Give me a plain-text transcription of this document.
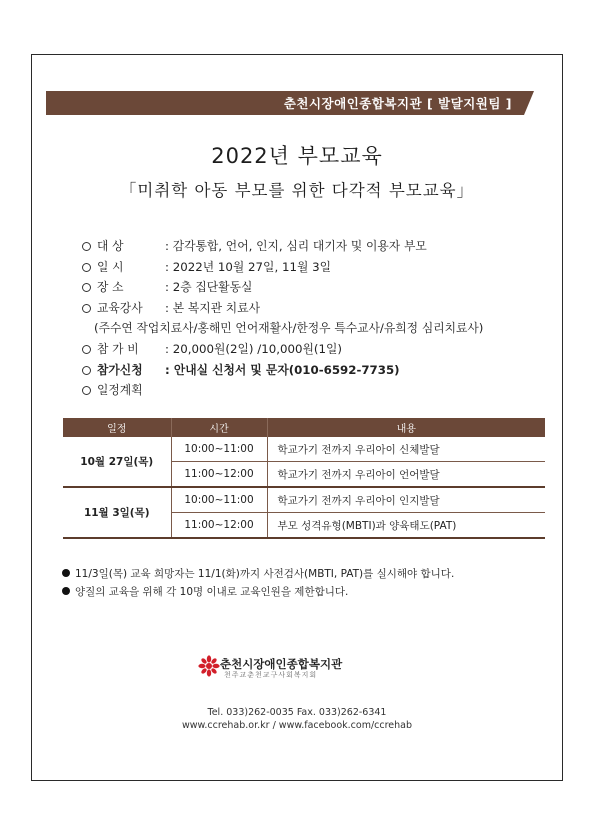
춘천시장애인종합복지관 [ 발달지원팀 ]
2022년 부모교육
「미취학 아동 부모를 위한 다각적 부모교육」
대 상	: 감각통합, 언어, 인지, 심리 대기자 및 이용자 부모
일 시	: 2022년 10월 27일, 11월 3일
장 소	: 2층 집단활동실
교육강사 : 본 복지관 치료사
(주수연 작업치료사/홍해민 언어재활사/한정우 특수교사/유희정 심리치료사)
참 가 비 : 20,000원(2일) /10,000원(1일)
참가신청 : 안내실 신청서 및 문자(010-6592-7735)
일정계획
일정	시간	내용
10월 27일(목)	10:00~11:00	학교가기 전까지 우리아이 신체발달
	11:00~12:00	학교가기 전까지 우리아이 언어발달
11월 3일(목)	10:00~11:00	학교가기 전까지 우리아이 인지발달
	11:00~12:00	부모 성격유형(MBTI)과 양육태도(PAT)
11/3일(목) 교육 희망자는 11/1(화)까지 사전검사(MBTI, PAT)를 실시해야 합니다.
양질의 교육을 위해 각 10명 이내로 교육인원을 제한합니다.
춘천시장애인종합복지관
천주교춘천교구사회복지회
Tel. 033)262-0035 Fax. 033)262-6341
www.ccrehab.or.kr / www.facebook.com/ccrehab
